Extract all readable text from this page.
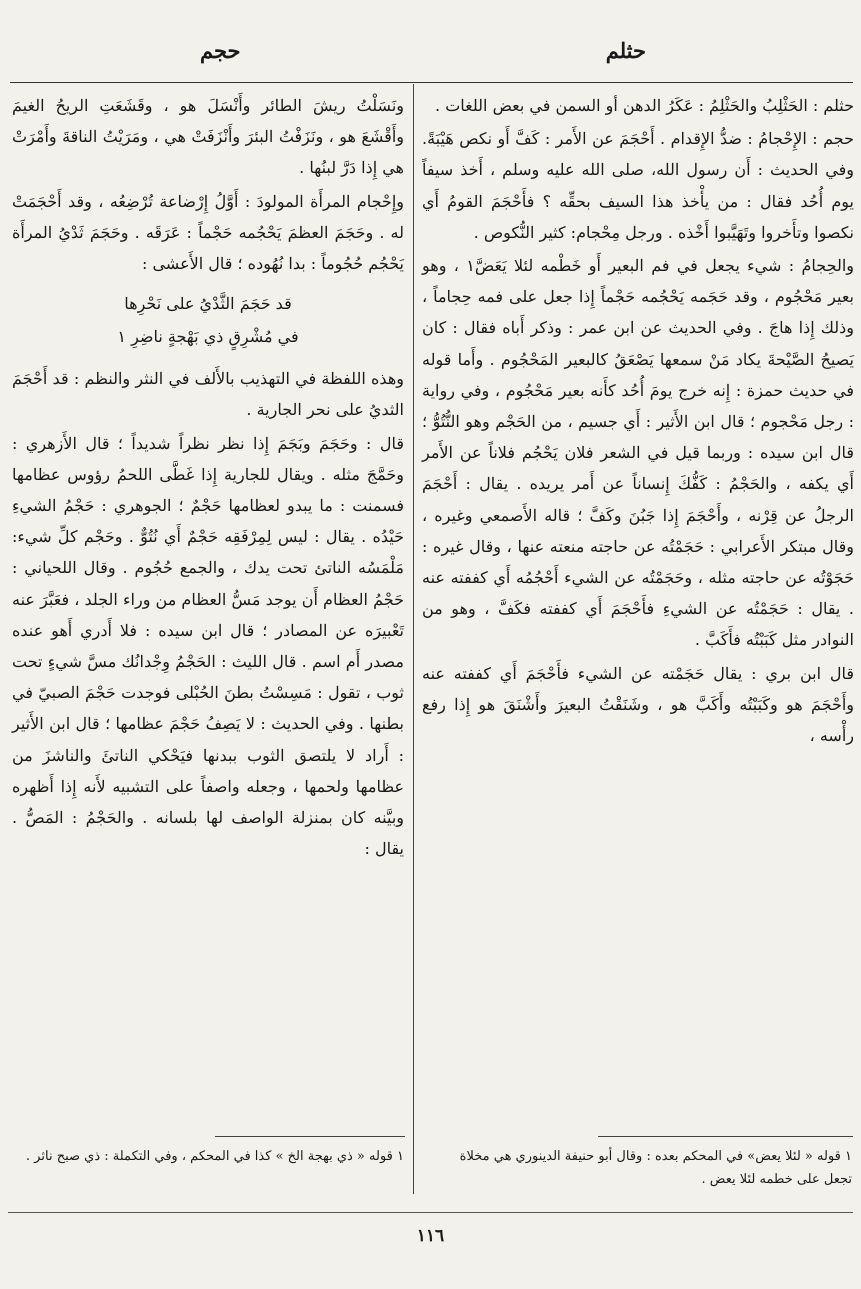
حثلم
حجم

حثلم : الحَثْلِبُ والحَثْلِمُ : عَكَرُ الدهن أو السمن في بعض اللغات .

حجم : الإِحْجامُ : ضدُّ الإِقدام . أَحْجَمَ عن الأَمر : كَفَّ أَو نكص هَيْبَةً. وفي الحديث : أَن رسول الله، صلى الله عليه وسلم ، أَخذ سيفاً يوم أُحُد فقال : من يأْخذ هذا السيف بحقِّه ؟ فأَحْجَمَ القومُ أَي نكصوا وتأَخروا وتَهَيَّبوا أَخْذه . ورجل مِحْجام: كثير النُّكوص .

والحِجامُ : شيء يجعل في فم البعير أَو خَطْمه لئلا يَعَضَّ١ ، وهو بعير مَحْجُوم ، وقد حَجَمه يَحْجُمه حَجْماً إِذا جعل على فمه حِجاماً ، وذلك إِذا هاجَ . وفي الحديث عن ابن عمر : وذكر أَباه فقال : كان يَصيحُ الصَّيْحةَ يكاد مَنْ سمعها يَصْعَقُ كالبعير المَحْجُوم . وأَما قوله في حديث حمزة : إِنه خرج يومَ أُحُد كأَنه بعير مَحْجُوم ، وفي رواية : رجل مَحْجوم ؛ قال ابن الأَثير : أَي جسيم ، من الحَجْم وهو النُّتُوُّ ؛ قال ابن سيده : وربما قيل في الشعر فلان يَحْجُم فلاناً عن الأَمر أَي يكفه ، والحَجْمُ : كَفُّكَ إِنساناً عن أَمر يريده . يقال : أَحْجَمَ الرجلُ عن قِرْنه ، وأَحْجَمَ إِذا جَبُنَ وكَفَّ ؛ قاله الأَصمعي وغيره ، وقال مبتكر الأَعرابي : حَجَمْتُه عن حاجته منعته عنها ، وقال غيره : حَجَوْتُه عن حاجته مثله ، وحَجَمْتُه عن الشيء أَحْجُمُه أَي كففته عنه . يقال : حَجَمْتُه عن الشيءِ فأَحْجَمَ أَي كففته فكَفَّ ، وهو من النوادر مثل كَبَبْتُه فأَكَبَّ .

قال ابن بري : يقال حَجَمْته عن الشيء فأَحْجَمَ أَي كففته عنه وأَحْجَمَ هو وكَبَبْتُه وأَكَبَّ هو ، وشَنَقْتُ البعيرَ وأَشْنَقَ هو إِذا رفع رأْسه ،

ونَسَلْتُ ريشَ الطائر وأَنْسَلَ هو ، وقَشَعَتِ الريحُ الغيمَ وأَقْشَعَ هو ، ونَزَفْتُ البئرَ وأَنْزَفَتْ هي ، ومَرَيْتُ الناقةَ وأَمْرَتْ هي إِذا دَرَّ لبنُها .

وإِحْجام المرأَة المولودَ : أَوَّلُ إِرْضاعة تُرْضِعُه ، وقد أَحْجَمَتْ له . وحَجَمَ العظمَ يَحْجُمه حَجْماً : عَرَقَه . وحَجَمَ ثَدْيُ المرأَة يَحْجُم حُجُوماً : بدا نُهُوده ؛ قال الأَعشى :

قد حَجَمَ الثَّدْيُ على نَحْرِها
في مُشْرِقٍ ذي بَهْجةٍ ناضِرِ ١

وهذه اللفظة في التهذيب بالأَلف في النثر والنظم : قد أَحْجَمَ الثديُ على نحر الجارية .

قال : وحَجَمَ وبَجَمَ إِذا نظر نظراً شديداً ؛ قال الأَزهري : وحَمَّجَ مثله . ويقال للجارية إِذا غَطَّى اللحمُ رؤوس عظامها فسمنت : ما يبدو لعظامها حَجْمٌ ؛ الجوهري : حَجْمُ الشيءِ حَيْدُه . يقال : ليس لِمِرْفَقِه حَجْمٌ أَي نُتُوٌّ . وحَجْم كلِّ شيء: مَلْمَسُه الناتئ تحت يدك ، والجمع حُجُوم . وقال اللحياني : حَجْمُ العظام أَن يوجد مَسُّ العظام من وراء الجلد ، فعَبَّرَ عنه تَعْبيرَه عن المصادر ؛ قال ابن سيده : فلا أَدري أَهو عنده مصدر أَم اسم . قال الليث : الحَجْمُ وِجْدانُك مسَّ شيءٍ تحت ثوب ، تقول : مَسِسْتُ بطنَ الحُبْلى فوجدت حَجْمَ الصبيّ في بطنها . وفي الحديث : لا يَصِفُ حَجْمَ عظامها ؛ قال ابن الأَثير : أَراد لا يلتصق الثوب ببدنها فيَحْكي الناتئَ والناشزَ من عظامها ولحمها ، وجعله واصفاً على التشبيه لأَنه إِذا أَظهره وبيَّنه كان بمنزلة الواصف لها بلسانه . والحَجْمُ : المَصُّ . يقال :

١ قوله « لئلا يعض» في المحكم بعده : وقال أبو حنيفة الدينوري هي مخلاة تجعل على خطمه لئلا يعض .
١ قوله « ذي بهجة الخ » كذا في المحكم ، وفي التكملة : ذي صبح ناثر .
١١٦
